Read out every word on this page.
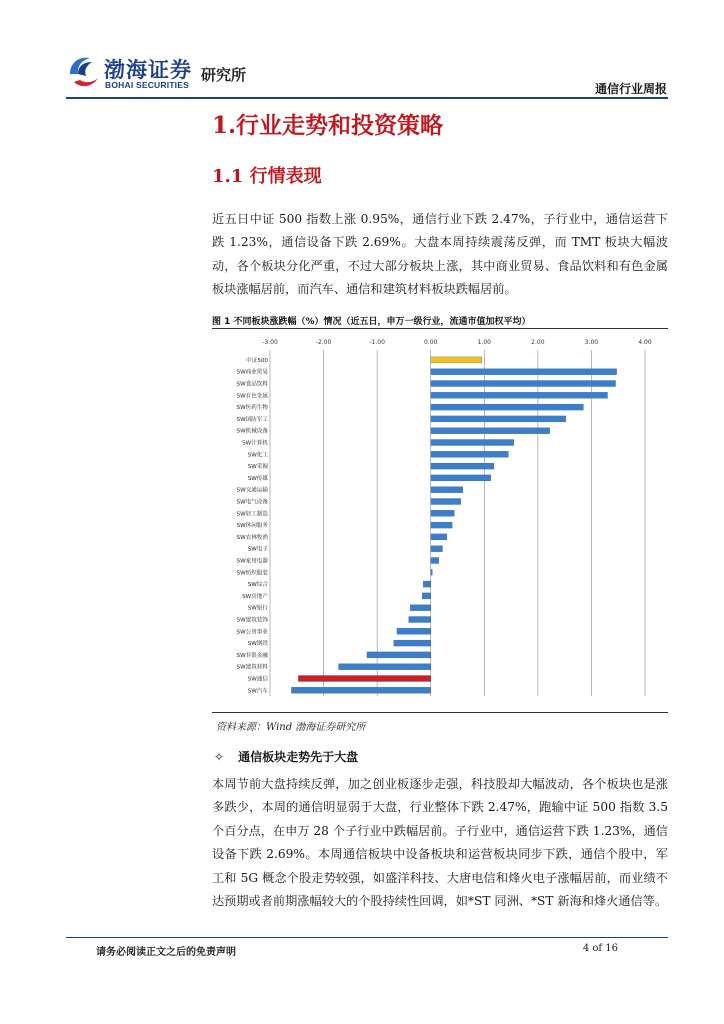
渤海证券
BOHAI SECURITIES
研究所
通信行业周报
1.行业走势和投资策略
1.1 行情表现
近五日中证 500 指数上涨 0.95%，通信行业下跌 2.47%，子行业中，通信运营下跌 1.23%，通信设备下跌 2.69%。大盘本周持续震荡反弹，而 TMT 板块大幅波动，各个板块分化严重，不过大部分板块上涨，其中商业贸易、食品饮料和有色金属板块涨幅居前，而汽车、通信和建筑材料板块跌幅居前。
图 1 不同板块涨跌幅（%）情况（近五日，申万一级行业，流通市值加权平均）
-3.00	-2.00	-1.00	0.00	1.00	2.00	3.00	4.00
中证500
SW商业贸易
SW食品饮料
SW有色金属
SW医药生物
SW国防军工
SW机械设备
SW计算机
SW化工
SW采掘
SW传媒
SW交通运输
SW电气设备
SW轻工制造
SW休闲服务
SW农林牧渔
SW电子
SW家用电器
SW纺织服装
SW综合
SW房地产
SW银行
SW建筑装饰
SW公用事业
SW钢铁
SW非银金融
SW建筑材料
SW通信
SW汽车
资料来源：Wind 渤海证券研究所
✧ 通信板块走势先于大盘
本周节前大盘持续反弹，加之创业板逐步走强，科技股却大幅波动，各个板块也是涨多跌少，本周的通信明显弱于大盘，行业整体下跌 2.47%，跑输中证 500 指数 3.5 个百分点，在申万 28 个子行业中跌幅居前。子行业中，通信运营下跌 1.23%，通信设备下跌 2.69%。本周通信板块中设备板块和运营板块同步下跌，通信个股中，军工和 5G 概念个股走势较强，如盛洋科技、大唐电信和烽火电子涨幅居前，而业绩不达预期或者前期涨幅较大的个股持续性回调，如*ST 同洲、*ST 新海和烽火通信等。
请务必阅读正文之后的免责声明	4 of 16
